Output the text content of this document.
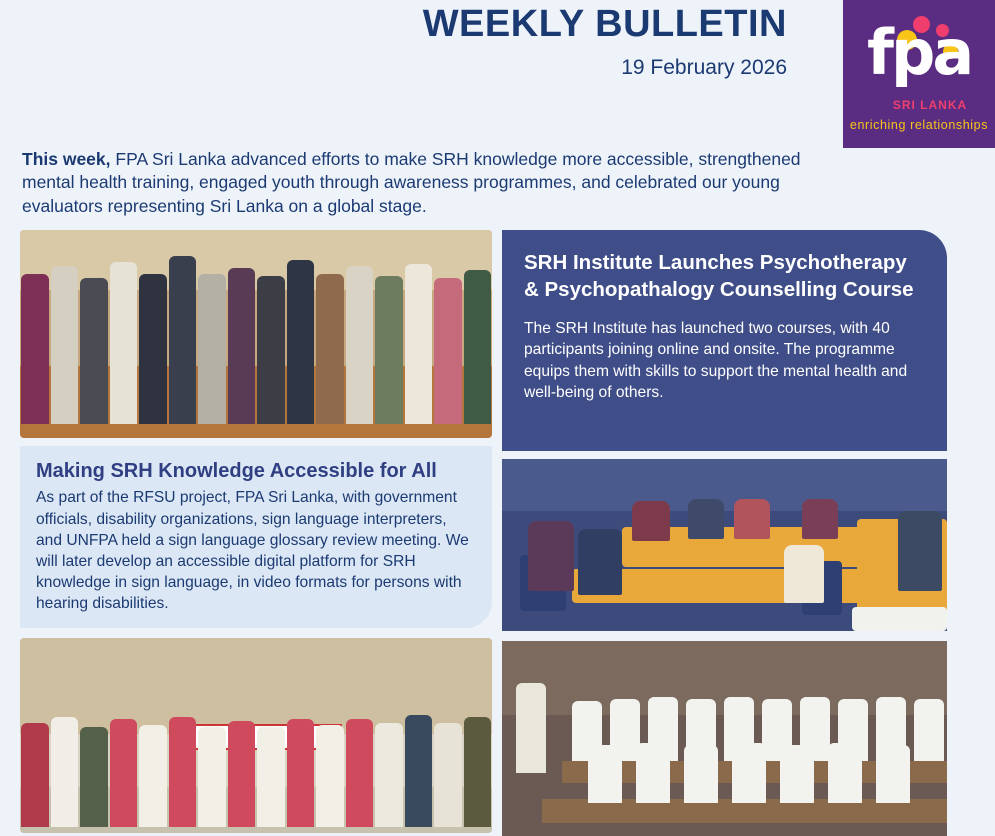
WEEKLY BULLETIN
19 February 2026 fpa
SRI LANKA
enriching relationships
This week, FPA Sri Lanka advanced efforts to make SRH knowledge more accessible, strengthened mental health training, engaged youth through awareness programmes, and celebrated our young evaluators representing Sri Lanka on a global stage.
Making SRH Knowledge Accessible for All

As part of the RFSU project, FPA Sri Lanka, with government officials, disability organizations, sign language interpreters, and UNFPA held a sign language glossary review meeting. We will later develop an accessible digital platform for SRH knowledge in sign language, in video formats for persons with hearing disabilities.

SRH Institute Launches Psychotherapy & Psychopathalogy Counselling Course

The SRH Institute has launched two courses, with 40 participants joining online and onsite. The programme equips them with skills to support the mental health and well-being of others.
